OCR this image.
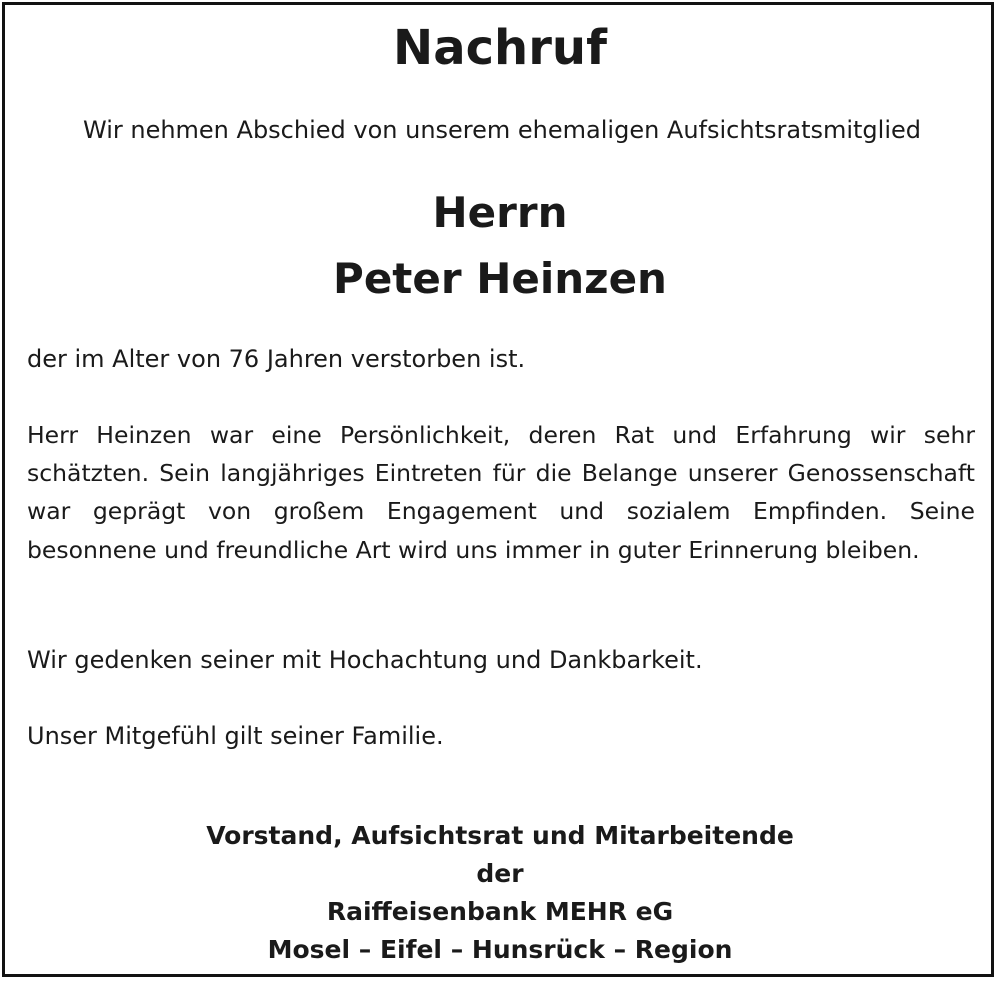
Nachruf
Wir nehmen Abschied von unserem ehemaligen Aufsichtsratsmitglied
Herrn
Peter Heinzen
der im Alter von 76 Jahren verstorben ist.
Herr Heinzen war eine Persönlichkeit, deren Rat und Erfahrung wir sehr schätzten. Sein langjähriges Eintreten für die Belange unserer Genossenschaft war geprägt von großem Engagement und sozialem Empfinden. Seine besonnene und freundliche Art wird uns immer in guter Erinnerung bleiben.
Wir gedenken seiner mit Hochachtung und Dankbarkeit.
Unser Mitgefühl gilt seiner Familie.
Vorstand, Aufsichtsrat und Mitarbeitende
der
Raiffeisenbank MEHR eG
Mosel – Eifel – Hunsrück – Region
